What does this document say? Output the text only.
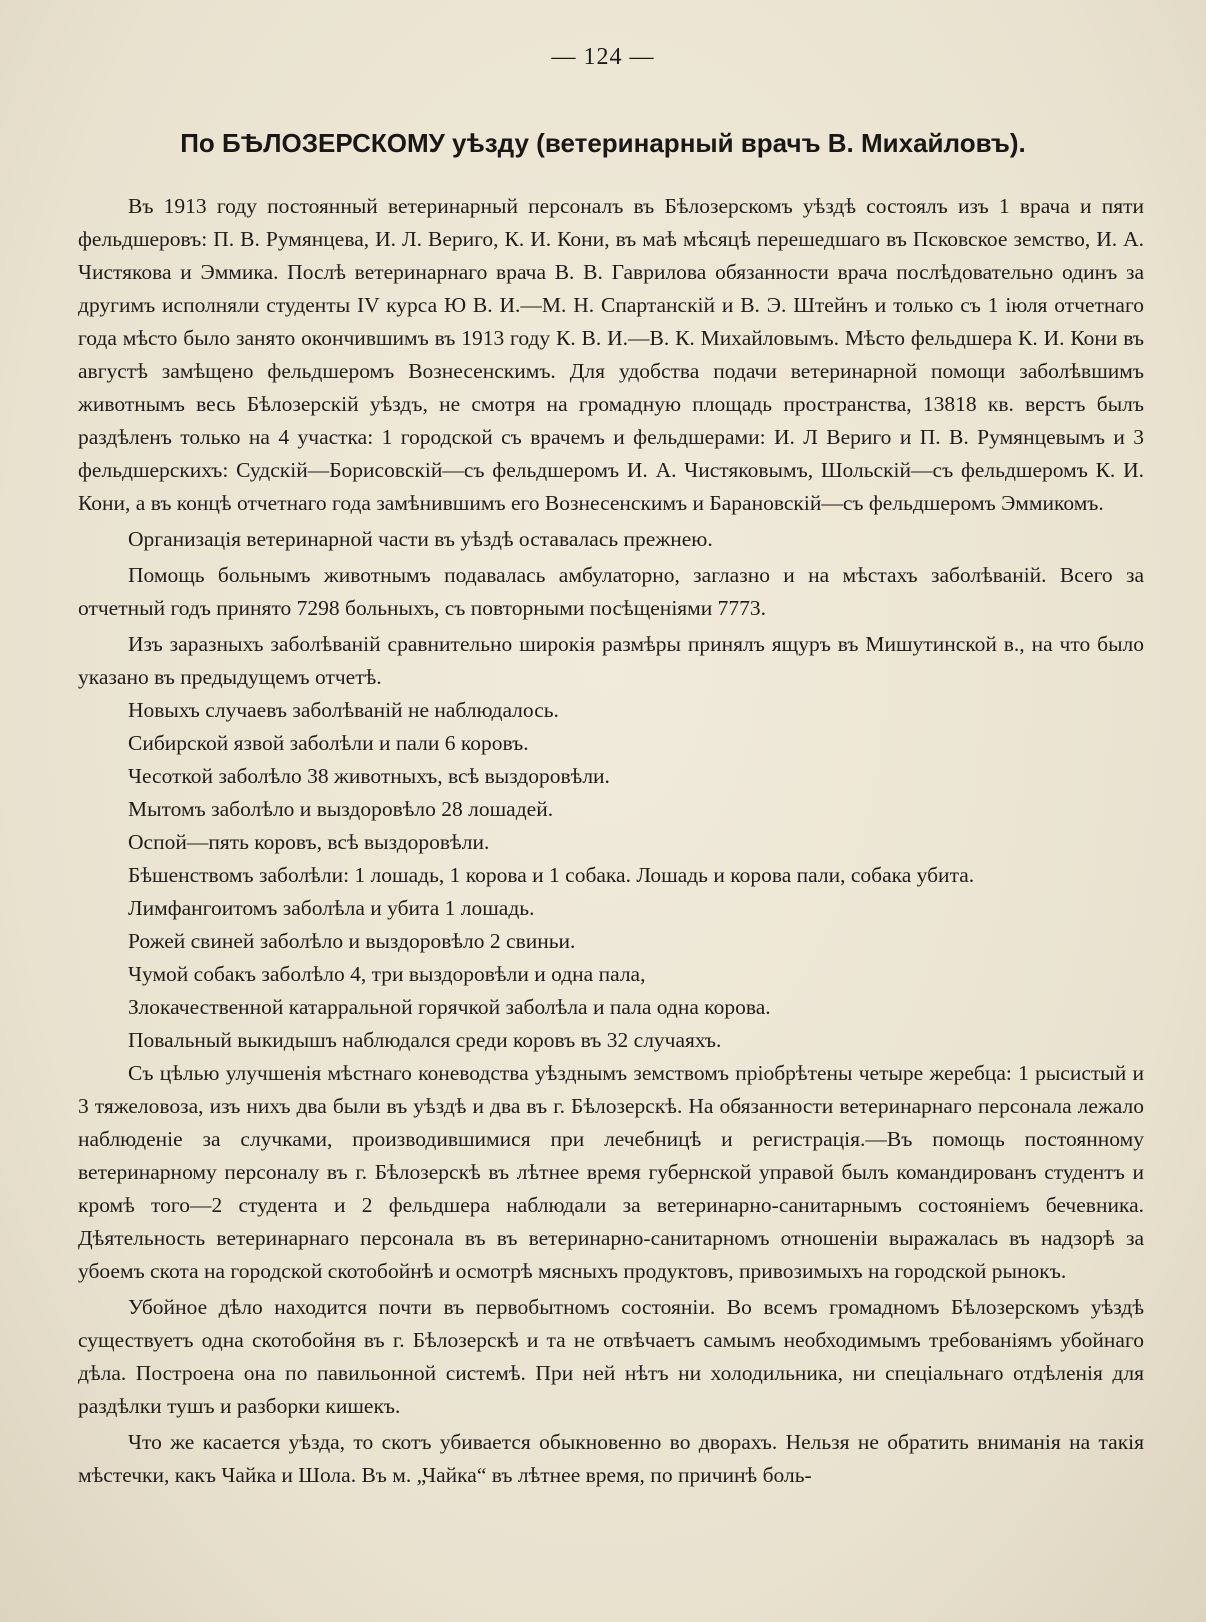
— 124 —
По БѢЛОЗЕРСКОМУ уѣзду (ветеринарный врачъ В. Михайловъ).

Въ 1913 году постоянный ветеринарный персоналъ въ Бѣлозерскомъ уѣздѣ состоялъ изъ 1 врача и пяти фельдшеровъ: П. В. Румянцева, И. Л. Вериго, К. И. Кони, въ маѣ мѣсяцѣ перешедшаго въ Псковское земство, И. А. Чистякова и Эммика. Послѣ ветеринарнаго врача В. В. Гаврилова обязанности врача послѣдовательно одинъ за другимъ исполняли студенты IV курса Ю В. И.—М. Н. Спартанскій и В. Э. Штейнъ и только съ 1 іюля отчетнаго года мѣсто было занято окончившимъ въ 1913 году К. В. И.—В. К. Михайловымъ. Мѣсто фельдшера К. И. Кони въ августѣ замѣщено фельдшеромъ Вознесенскимъ. Для удобства подачи ветеринарной помощи заболѣвшимъ животнымъ весь Бѣлозерскій уѣздъ, не смотря на громадную площадь пространства, 13818 кв. верстъ былъ раздѣленъ только на 4 участка: 1 городской съ врачемъ и фельдшерами: И. Л Вериго и П. В. Румянцевымъ и 3 фельдшерскихъ: Судскій—Борисовскій—съ фельдшеромъ И. А. Чистяковымъ, Шольскій—съ фельдшеромъ К. И. Кони, а въ концѣ отчетнаго года замѣнившимъ его Вознесенскимъ и Барановскій—съ фельдшеромъ Эммикомъ.

Организація ветеринарной части въ уѣздѣ оставалась прежнею.

Помощь больнымъ животнымъ подавалась амбулаторно, заглазно и на мѣстахъ заболѣваній. Всего за отчетный годъ принято 7298 больныхъ, съ повторными посѣщеніями 7773.

Изъ заразныхъ заболѣваній сравнительно широкія размѣры принялъ ящуръ въ Мишутинской в., на что было указано въ предыдущемъ отчетѣ.

Новыхъ случаевъ заболѣваній не наблюдалось.

Сибирской язвой заболѣли и пали 6 коровъ.

Чесоткой заболѣло 38 животныхъ, всѣ выздоровѣли.

Мытомъ заболѣло и выздоровѣло 28 лошадей.

Оспой—пять коровъ, всѣ выздоровѣли.

Бѣшенствомъ заболѣли: 1 лошадь, 1 корова и 1 собака. Лошадь и корова пали, собака убита.

Лимфангоитомъ заболѣла и убита 1 лошадь.

Рожей свиней заболѣло и выздоровѣло 2 свиньи.

Чумой собакъ заболѣло 4, три выздоровѣли и одна пала,

Злокачественной катарральной горячкой заболѣла и пала одна корова.

Повальный выкидышъ наблюдался среди коровъ въ 32 случаяхъ.

Съ цѣлью улучшенія мѣстнаго коневодства уѣзднымъ земствомъ пріобрѣтены четыре жеребца: 1 рысистый и 3 тяжеловоза, изъ нихъ два были въ уѣздѣ и два въ г. Бѣлозерскѣ. На обязанности ветеринарнаго персонала лежало наблюденіе за случками, производившимися при лечебницѣ и регистрація.—Въ помощь постоянному ветеринарному персоналу въ г. Бѣлозерскѣ въ лѣтнее время губернской управой былъ командированъ студентъ и кромѣ того—2 студента и 2 фельдшера наблюдали за ветеринарно-санитарнымъ состояніемъ бечевника. Дѣятельность ветеринарнаго персонала въ въ ветеринарно-санитарномъ отношеніи выражалась въ надзорѣ за убоемъ скота на городской скотобойнѣ и осмотрѣ мясныхъ продуктовъ, привозимыхъ на городской рынокъ.

Убойное дѣло находится почти въ первобытномъ состояніи. Во всемъ громадномъ Бѣлозерскомъ уѣздѣ существуетъ одна скотобойня въ г. Бѣлозерскѣ и та не отвѣчаетъ самымъ необходимымъ требованіямъ убойнаго дѣла. Построена она по павильонной системѣ. При ней нѣтъ ни холодильника, ни спеціальнаго отдѣленія для раздѣлки тушъ и разборки кишекъ.

Что же касается уѣзда, то скотъ убивается обыкновенно во дворахъ. Нельзя не обратить вниманія на такія мѣстечки, какъ Чайка и Шола. Въ м. „Чайка“ въ лѣтнее время, по причинѣ боль-
